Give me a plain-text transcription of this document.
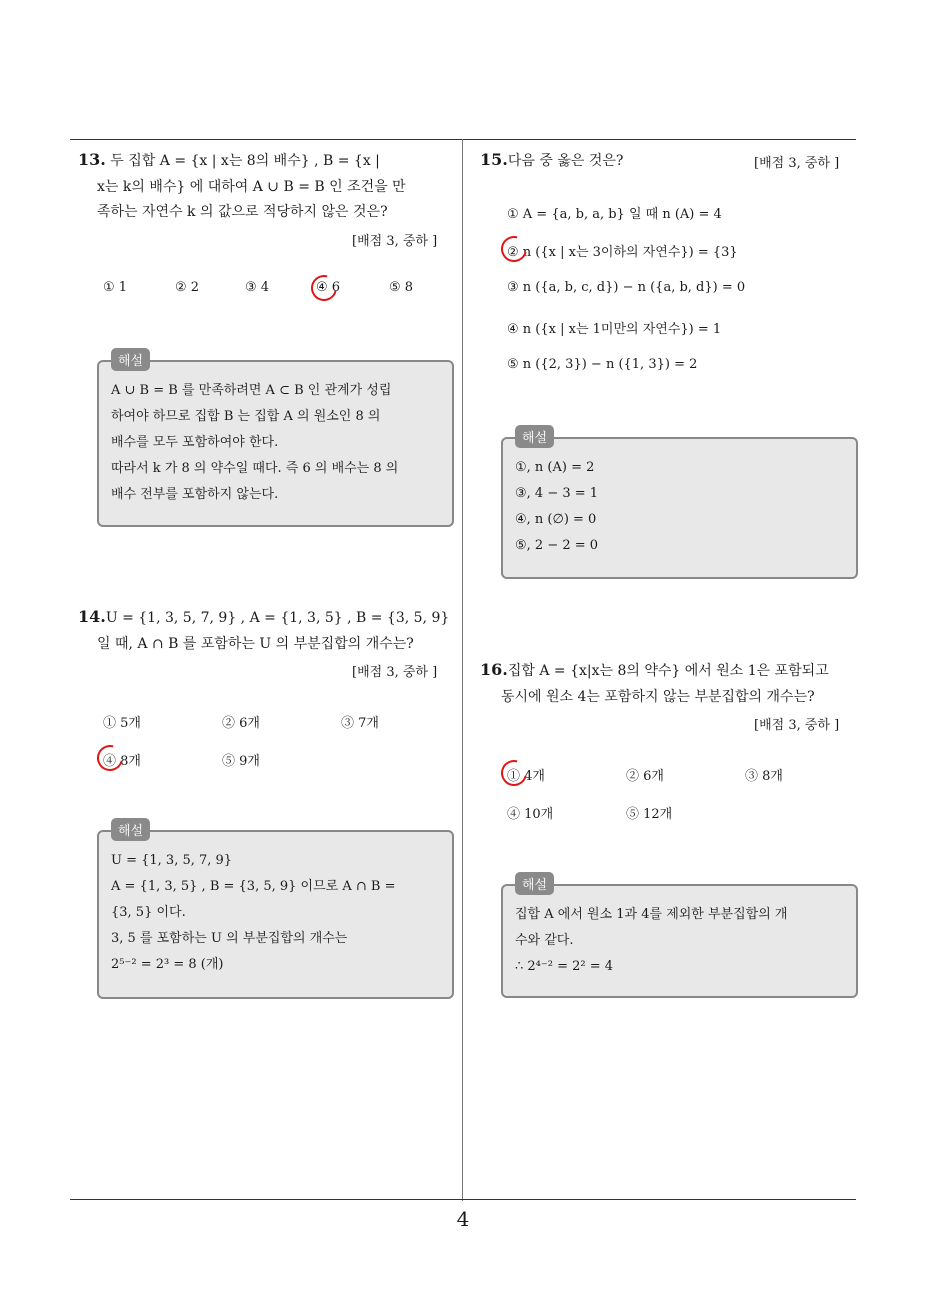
4
13. 두 집합 A = {x | x는 8의 배수} , B = {x |
x는 k의 배수} 에 대하여 A ∪ B = B 인 조건을 만
족하는 자연수 k 의 값으로 적당하지 않은 것은?
[배점 3, 중하 ]
① 1	② 2	③ 4	④ 6	⑤ 8
해설
A ∪ B = B 를 만족하려면 A ⊂ B 인 관계가 성립
하여야 하므로 집합 B 는 집합 A 의 원소인 8 의
배수를 모두 포함하여야 한다.
따라서 k 가 8 의 약수일 때다. 즉 6 의 배수는 8 의
배수 전부를 포함하지 않는다.
14.U = {1, 3, 5, 7, 9} , A = {1, 3, 5} , B = {3, 5, 9}
일 때, A ∩ B 를 포함하는 U 의 부분집합의 개수는?
[배점 3, 중하 ]
① 5개	② 6개	③ 7개
④ 8개	⑤ 9개
해설
U = {1, 3, 5, 7, 9}
A = {1, 3, 5} , B = {3, 5, 9} 이므로 A ∩ B =
{3, 5} 이다.
3, 5 를 포함하는 U 의 부분집합의 개수는
2⁵⁻² = 2³ = 8 (개)
15.다음 중 옳은 것은?	[배점 3, 중하 ]
① A = {a, b, a, b} 일 때 n (A) = 4
② n ({x | x는 3이하의 자연수}) = {3}
③ n ({a, b, c, d}) − n ({a, b, d}) = 0
④ n ({x | x는 1미만의 자연수}) = 1
⑤ n ({2, 3}) − n ({1, 3}) = 2
해설
①, n (A) = 2
③, 4 − 3 = 1
④, n (∅) = 0
⑤, 2 − 2 = 0
16.집합 A = {x|x는 8의 약수} 에서 원소 1은 포함되고
동시에 원소 4는 포함하지 않는 부분집합의 개수는?
[배점 3, 중하 ]
① 4개	② 6개	③ 8개
④ 10개	⑤ 12개
해설
집합 A 에서 원소 1과 4를 제외한 부분집합의 개
수와 같다.
∴ 2⁴⁻² = 2² = 4
